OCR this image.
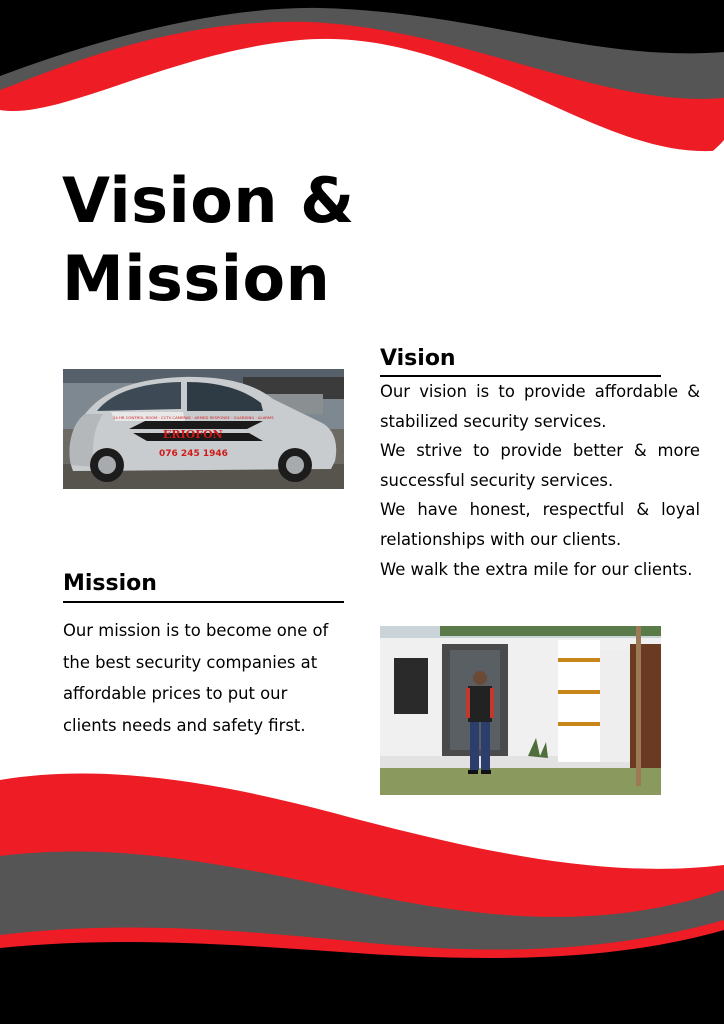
Vision &
Mission
Vision
Our vision is to provide affordable & stabilized security services.
We strive to provide better & more successful security services.
We have honest, respectful & loyal relationships with our clients.
We walk the extra mile for our clients.
24 HR CONTROL ROOM · CCTV CAMERAS · ARMED RESPONSE · GUARDING · ALARMS
ERIOFON
076 245 1946
Mission

Our mission is to become one of the best security companies at affordable prices to put our clients needs and safety first.
